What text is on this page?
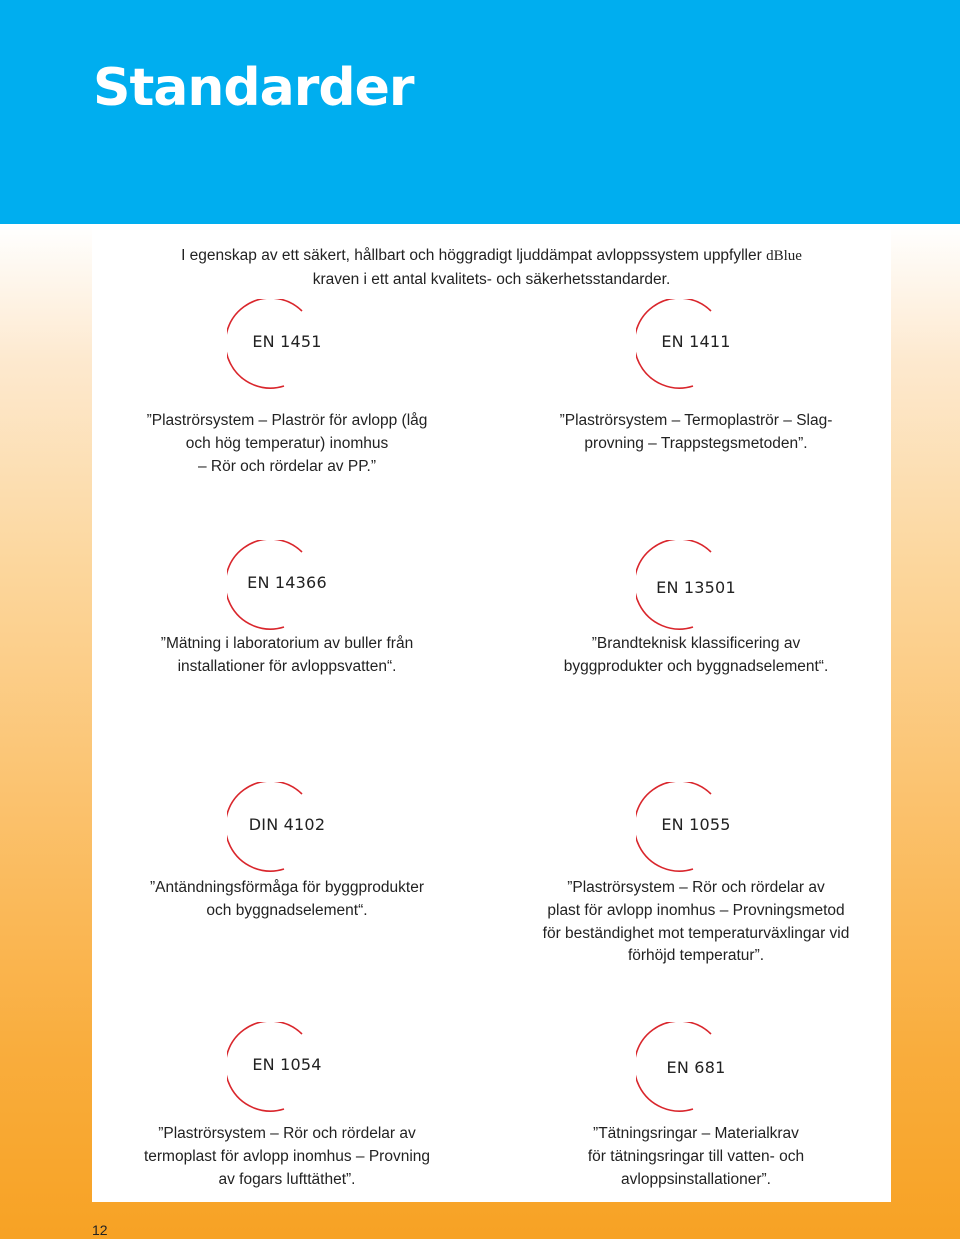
Standarder
I egenskap av ett säkert, hållbart och höggradigt ljuddämpat avloppssystem uppfyller dBlue
kraven i ett antal kvalitets- och säkerhetsstandarder.
EN 1451
”Plaströrsystem – Plaströr för avlopp (låg
och hög temperatur) inomhus
– Rör och rördelar av PP.”
EN 1411
”Plaströrsystem – Termoplaströr – Slag-
provning – Trappstegsmetoden”.
EN 14366
”Mätning i laboratorium av buller från
installationer för avloppsvatten“.
EN 13501
”Brandteknisk klassificering av
byggprodukter och byggnadselement“.
DIN 4102
”Antändningsförmåga för byggprodukter
och byggnadselement“.
EN 1055
”Plaströrsystem – Rör och rördelar av
plast för avlopp inomhus – Provningsmetod
för beständighet mot temperaturväxlingar vid
förhöjd temperatur”.
EN 1054
”Plaströrsystem – Rör och rördelar av
termoplast för avlopp inomhus – Provning
av fogars lufttäthet”.
EN 681
”Tätningsringar – Materialkrav
för tätningsringar till vatten- och
avloppsinstallationer”.
12
